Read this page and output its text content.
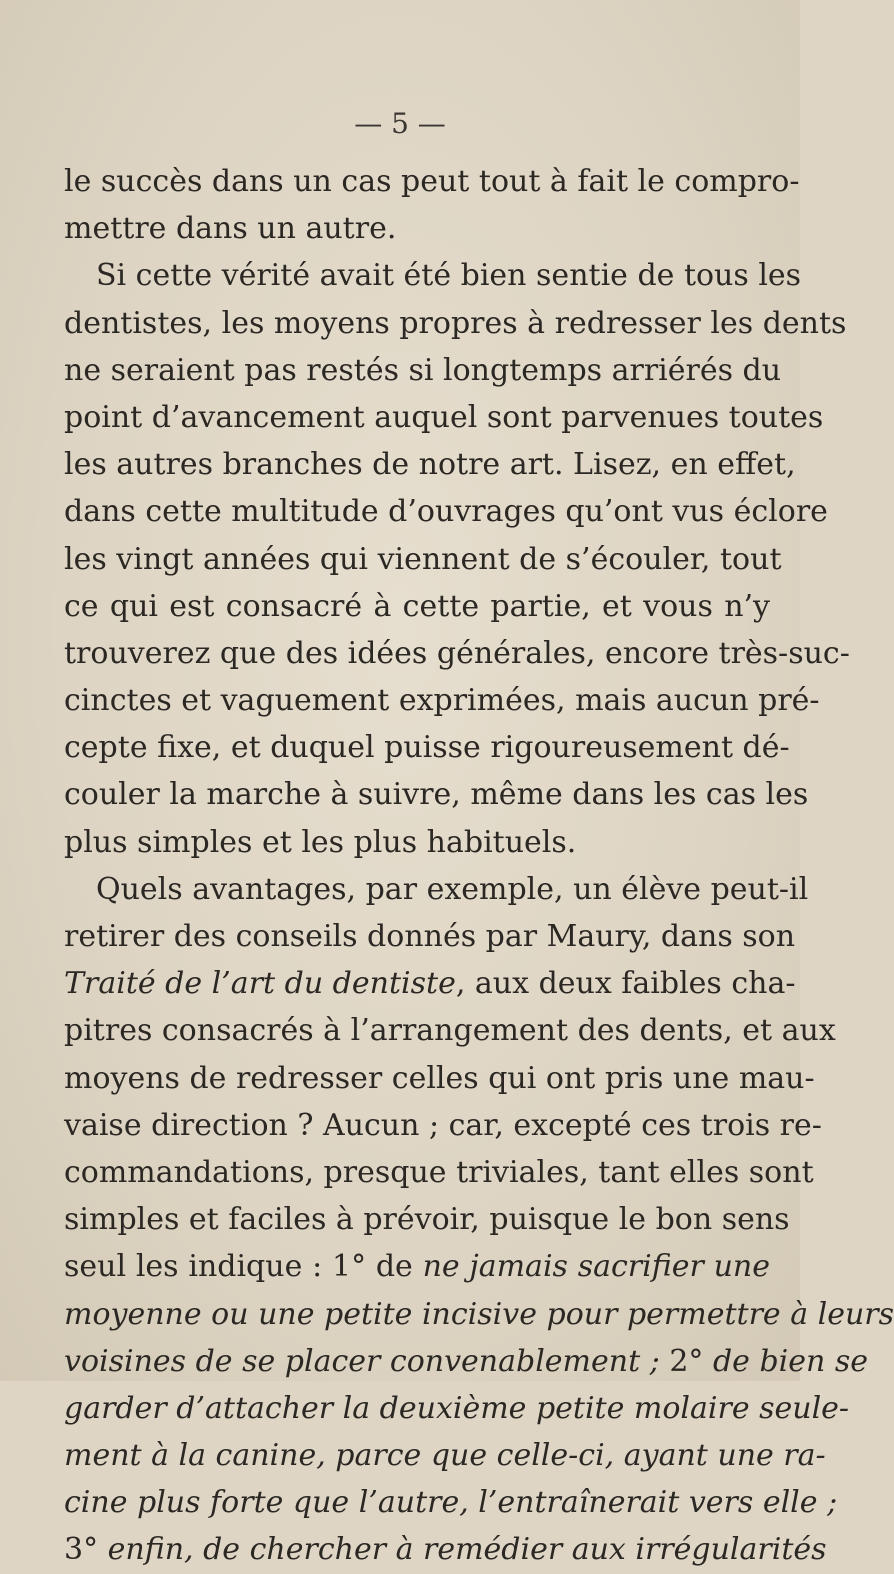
— 5 —
le succès dans un cas peut tout à fait le compro-
mettre dans un autre.
Si cette vérité avait été bien sentie de tous les
dentistes, les moyens propres à redresser les dents
ne seraient pas restés si longtemps arriérés du
point d’avancement auquel sont parvenues toutes
les autres branches de notre art. Lisez, en effet,
dans cette multitude d’ouvrages qu’ont vus éclore
les vingt années qui viennent de s’écouler, tout
ce qui est consacré à cette partie, et vous n’y
trouverez que des idées générales, encore très-suc-
cinctes et vaguement exprimées, mais aucun pré-
cepte fixe, et duquel puisse rigoureusement dé-
couler la marche à suivre, même dans les cas les
plus simples et les plus habituels.
Quels avantages, par exemple, un élève peut-il
retirer des conseils donnés par Maury, dans son
Traité de l’art du dentiste, aux deux faibles cha-
pitres consacrés à l’arrangement des dents, et aux
moyens de redresser celles qui ont pris une mau-
vaise direction ? Aucun ; car, excepté ces trois re-
commandations, presque triviales, tant elles sont
simples et faciles à prévoir, puisque le bon sens
seul les indique : 1° de ne jamais sacrifier une
moyenne ou une petite incisive pour permettre à leurs
voisines de se placer convenablement ; 2° de bien se
garder d’attacher la deuxième petite molaire seule-
ment à la canine, parce que celle-ci, ayant une ra-
cine plus forte que l’autre, l’entraînerait vers elle ;
3° enfin, de chercher à remédier aux irrégularités
